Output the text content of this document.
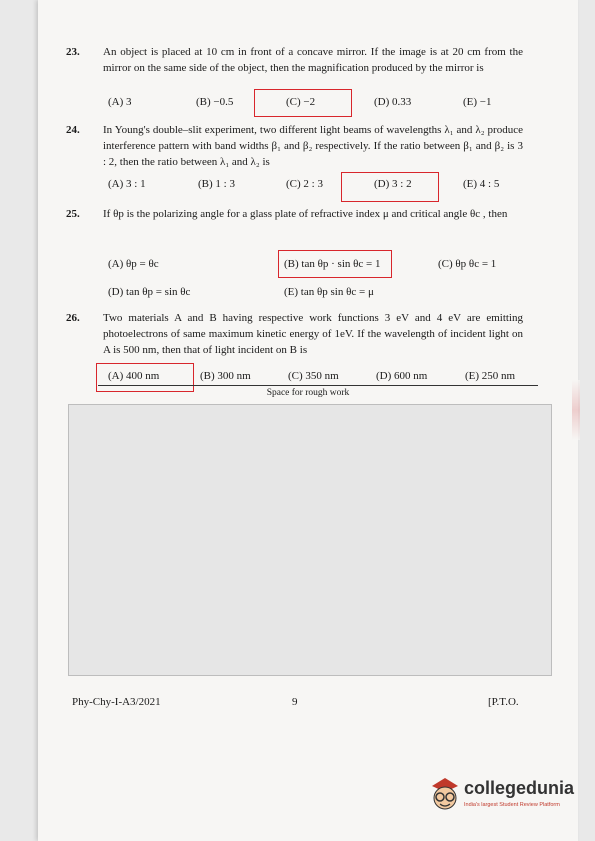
23. An object is placed at 10 cm in front of a concave mirror. If the image is at 20 cm from the mirror on the same side of the object, then the magnification produced by the mirror is
(A) 3	(B) −0.5	(C) −2	(D) 0.33	(E) −1
24. In Young's double–slit experiment, two different light beams of wavelengths λ₁ and λ₂ produce interference pattern with band widths β₁ and β₂ respectively. If the ratio between β₁ and β₂ is 3 : 2, then the ratio between λ₁ and λ₂ is
(A) 3 : 1	(B) 1 : 3	(C) 2 : 3	(D) 3 : 2	(E) 4 : 5
25. If θp is the polarizing angle for a glass plate of refractive index μ and critical angle θc , then
(A) θp = θc	(B) tan θp · sin θc = 1	(C) θp θc = 1
(D) tan θp = sin θc	(E) tan θp sin θc = μ
26. Two materials A and B having respective work functions 3 eV and 4 eV are emitting photoelectrons of same maximum kinetic energy of 1eV. If the wavelength of incident light on A is 500 nm, then that of light incident on B is
(A) 400 nm	(B) 300 nm	(C) 350 nm	(D) 600 nm	(E) 250 nm
Space for rough work
Phy-Chy-I-A3/2021	9	[P.T.O.
collegedunia
India's largest Student Review Platform
